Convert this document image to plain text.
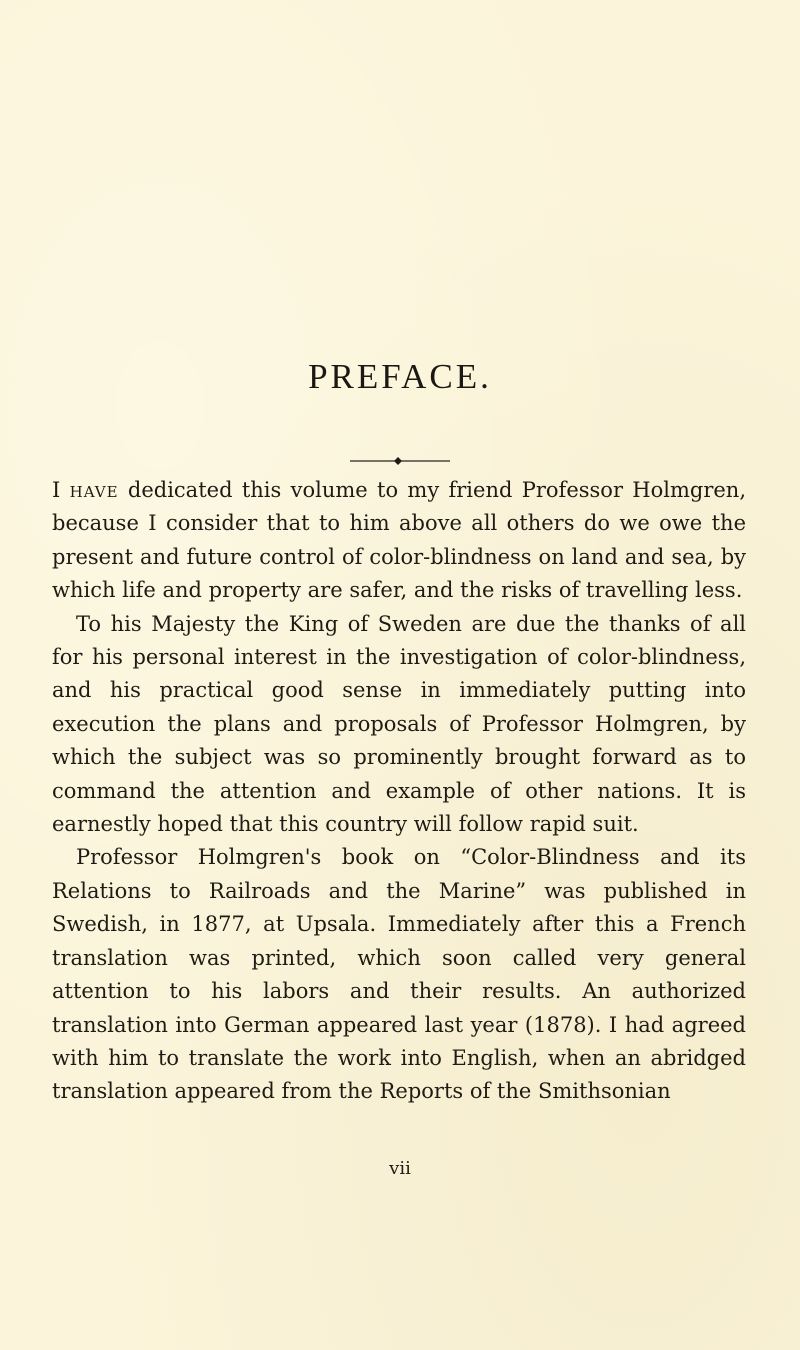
PREFACE.

I have dedicated this volume to my friend Professor Holmgren, because I consider that to him above all others do we owe the present and future control of color-blindness on land and sea, by which life and property are safer, and the risks of travelling less.

To his Majesty the King of Sweden are due the thanks of all for his personal interest in the investigation of color-blindness, and his practical good sense in immediately putting into execution the plans and proposals of Professor Holmgren, by which the subject was so prominently brought forward as to command the attention and example of other nations. It is earnestly hoped that this country will follow rapid suit.

Professor Holmgren's book on “Color-Blindness and its Relations to Railroads and the Marine” was published in Swedish, in 1877, at Upsala. Immediately after this a French translation was printed, which soon called very general attention to his labors and their results. An authorized translation into German appeared last year (1878). I had agreed with him to translate the work into English, when an abridged translation appeared from the Reports of the Smithsonian

vii
